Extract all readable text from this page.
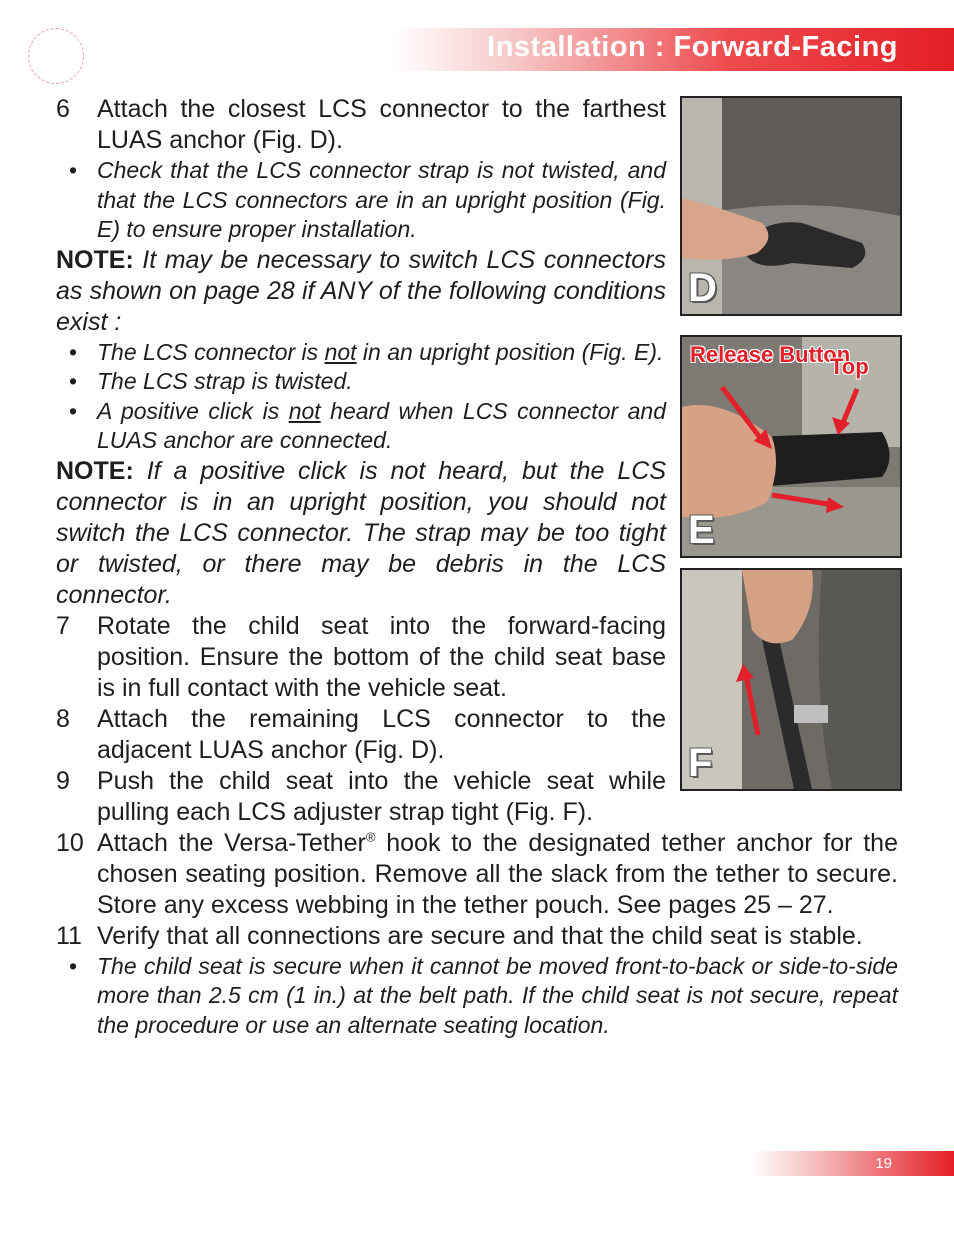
Installation : Forward-Facing
6	Attach the closest LCS connector to the farthest LUAS anchor (Fig. D).
• Check that the LCS connector strap is not twisted, and that the LCS connectors are in an upright position (Fig. E) to ensure proper installation.
NOTE: It may be necessary to switch LCS connectors as shown on page 28 if ANY of the following conditions exist :
• The LCS connector is not in an upright position (Fig. E).
• The LCS strap is twisted.
• A positive click is not heard when LCS connector and LUAS anchor are connected.
NOTE: If a positive click is not heard, but the LCS connector is in an upright position, you should not switch the LCS connector. The strap may be too tight or twisted, or there may be debris in the LCS connector.
7	Rotate the child seat into the forward-facing position. Ensure the bottom of the child seat base is in full contact with the vehicle seat.
8	Attach the remaining LCS connector to the adjacent LUAS anchor (Fig. D).
9	Push the child seat into the vehicle seat while pulling each LCS adjuster strap tight (Fig. F).
10 Attach the Versa-Tether® hook to the designated tether anchor for the chosen seating position. Remove all the slack from the tether to secure. Store any excess webbing in the tether pouch. See pages 25 – 27.
11 Verify that all connections are secure and that the child seat is stable.
• The child seat is secure when it cannot be moved front-to-back or side-to-side more than 2.5 cm (1 in.) at the belt path. If the child seat is not secure, repeat the procedure or use an alternate seating location.
D
Release Button
Top
E
F
19
